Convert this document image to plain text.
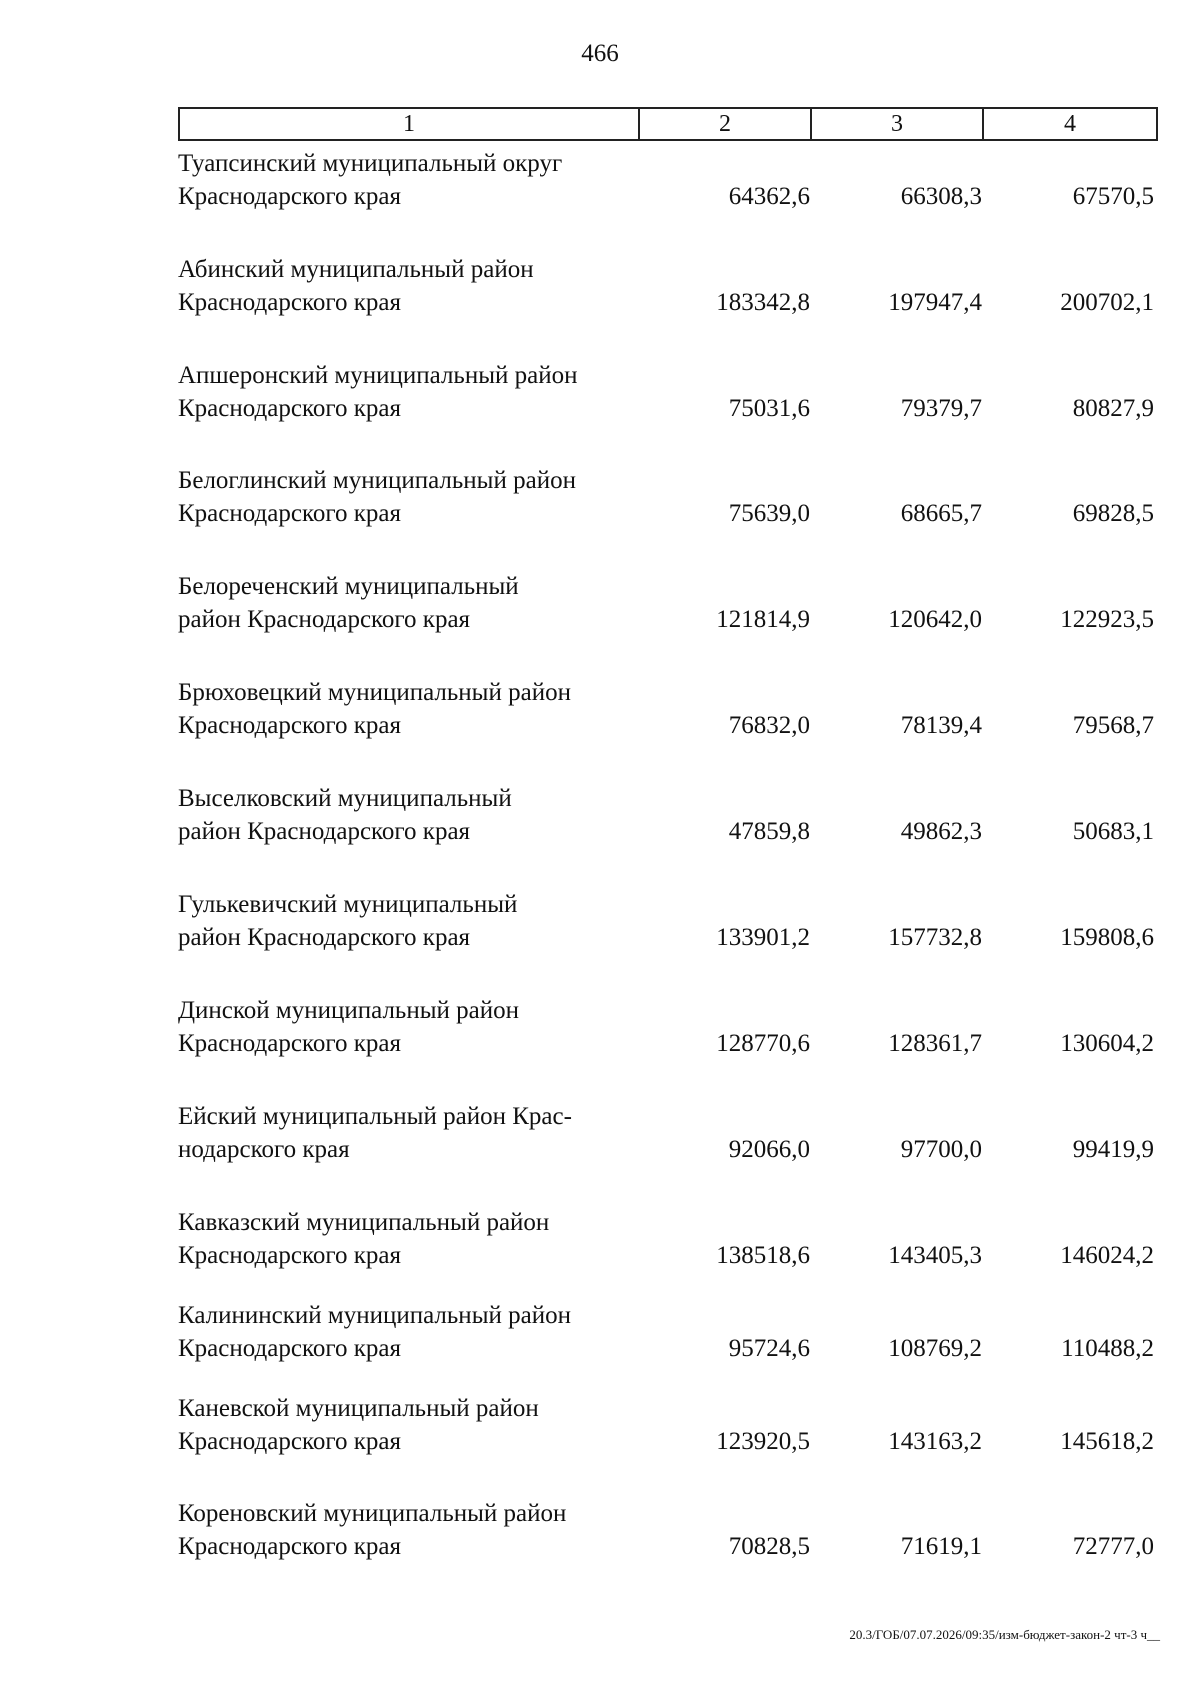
466
1	2	3	4
Туапсинский муниципальный округ
Краснодарского края	64362,6	66308,3	67570,5
Абинский муниципальный район
Краснодарского края	183342,8	197947,4	200702,1
Апшеронский муниципальный район
Краснодарского края	75031,6	79379,7	80827,9
Белоглинский муниципальный район
Краснодарского края	75639,0	68665,7	69828,5
Белореченский муниципальный
район Краснодарского края	121814,9	120642,0	122923,5
Брюховецкий муниципальный район
Краснодарского края	76832,0	78139,4	79568,7
Выселковский муниципальный
район Краснодарского края	47859,8	49862,3	50683,1
Гулькевичский муниципальный
район Краснодарского края	133901,2	157732,8	159808,6
Динской муниципальный район
Краснодарского края	128770,6	128361,7	130604,2
Ейский муниципальный район Крас-
нодарского края	92066,0	97700,0	99419,9
Кавказский муниципальный район
Краснодарского края	138518,6	143405,3	146024,2
Калининский муниципальный район
Краснодарского края	95724,6	108769,2	110488,2
Каневской муниципальный район
Краснодарского края	123920,5	143163,2	145618,2
Кореновский муниципальный район
Краснодарского края	70828,5	71619,1	72777,0
20.3/ГОБ/07.07.2026/09:35/изм-бюджет-закон-2 чт-3 ч__
